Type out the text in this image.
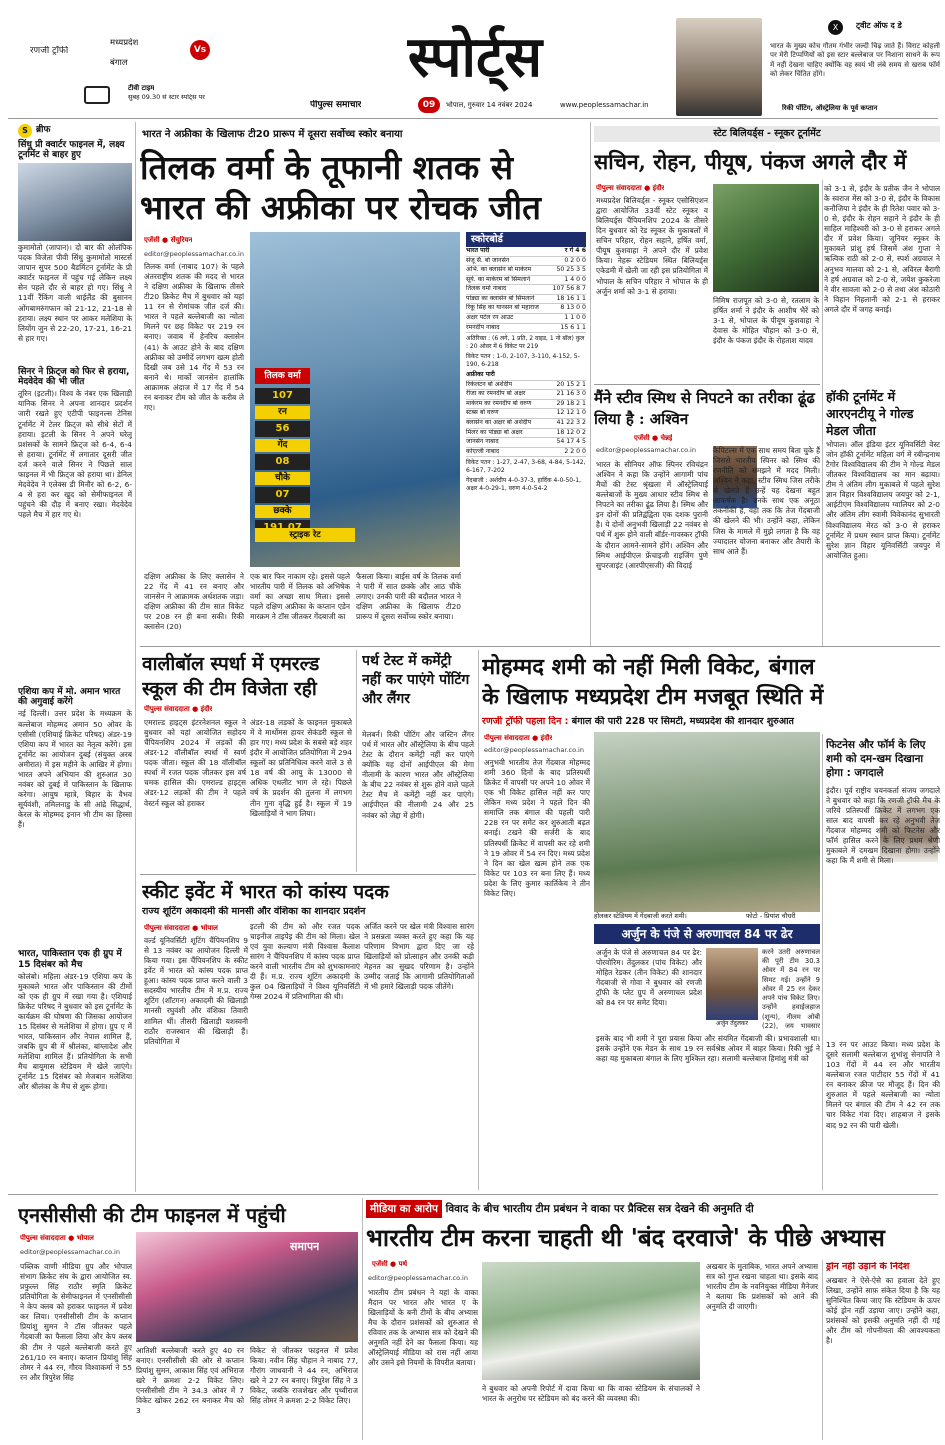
रणजी ट्रॉफी
मध्यप्रदेश
Vs
बंगाल
टीवी टाइम
सुबह 09.30 से स्टार स्पोर्ट्स पर
स्पोर्ट्स
पीपुल्स समाचार	09	भोपाल, गुरुवार 14 नवंबर 2024	www.peoplessamachar.in
X	ट्वीट ऑफ द डे
भारत के मुख्य कोच गौतम गंभीर जल्दी चिढ़ जाते हैं। विराट कोहली पर मेरी टिप्पणियों को इस स्टार बल्लेबाज पर निशाना साधने के रूप में नहीं देखना चाहिए क्योंकि वह स्वयं भी लंबे समय से खराब फॉर्म को लेकर चिंतित होंगे।
रिकी पोंटिंग, ऑस्ट्रेलिया के पूर्व कप्तान
S ब्रीफ
सिंधु प्री क्वार्टर फाइनल में, लक्ष्य टूर्नामेंट से बाहर हुए
कुमामोतो (जापान)। दो बार की ओलंपिक पदक विजेता पीवी सिंधु कुमामोतो मास्टर्स जापान सुपर 500 बैडमिंटन टूर्नामेंट के प्री क्वार्टर फाइनल में पहुंच गई लेकिन लक्ष्य सेन पहले दौर से बाहर हो गए। सिंधु ने 11वीं रैंकिंग वाली थाईलैंड की बुसानन ओंगबामरुंगफान को 21-12, 21-18 से हराया। लक्ष्य स्थान पर आकर मलेशिया के लियोंग जुन से 22-20, 17-21, 16-21 से हार गए।
सिनर ने फ्रिट्ज को फिर से हराया, मेदवेदेव की भी जीत
तूरिन (इटली)। विश्व के नंबर एक खिलाड़ी यानिक सिनर ने अपना शानदार प्रदर्शन जारी रखते हुए एटीपी फाइनल्स टेनिस टूर्नामेंट में टेलर फ्रिट्ज को सीधे सेटों में हराया। इटली के सिनर ने अपने घरेलू प्रशंसकों के सामने फ्रिट्ज को 6-4, 6-4 से हराया। टूर्नामेंट में लगातार दूसरी जीत दर्ज करने वाले सिनर ने पिछले साल फाइनल में भी फ्रिट्ज को हराया था। डेनिल मेदवेदेव ने एलेक्स डी मिनौर को 6-2, 6-4 से हरा कर खुद को सेमीफाइनल में पहुंचने की दौड़ में बनाए रखा। मेदवेदेव पहले मैच में हार गए थे।
एशिया कप में मो. अमान भारत की अगुवाई करेंगे
नई दिल्ली। उत्तर प्रदेश के मध्यक्रम के बल्लेबाज मोहम्मद अमान 50 ओवर के एसीसी (एशियाई क्रिकेट परिषद) अंडर-19 एशिया कप में भारत का नेतृत्व करेंगे। इस टूर्नामेंट का आयोजन दुबई (संयुक्त अरब अमीरात) में इस महीने के आखिर में होगा। भारत अपने अभियान की शुरुआत 30 नवंबर को दुबई में पाकिस्तान के खिलाफ करेगा। आयुष म्हात्रे, बिहार के वैभव सूर्यवंशी, तमिलनाडु के सी आंद्रे सिद्धार्थ, केरल के मोहम्मद इनान भी टीम का हिस्सा हैं।
भारत, पाकिस्तान एक ही ग्रुप में 15 दिसंबर को मैच
कोलंबो। महिला अंडर-19 एशिया कप के मुकाबले भारत और पाकिस्तान की टीमों को एक ही ग्रुप में रखा गया है। एशियाई क्रिकेट परिषद ने बुधवार को इस टूर्नामेंट के कार्यक्रम की घोषणा की जिसका आयोजन 15 दिसंबर से मलेशिया में होगा। ग्रुप ए में भारत, पाकिस्तान और नेपाल शामिल हैं, जबकि ग्रुप बी में श्रीलंका, बांग्लादेश और मलेशिया शामिल हैं। प्रतियोगिता के सभी मैच बायूमास स्टेडियम में खेले जाएंगे। टूर्नामेंट 15 दिसंबर को मेजबान मलेशिया और श्रीलंका के मैच से शुरू होगा।
भारत ने अफ्रीका के खिलाफ टी20 प्रारूप में दूसरा सर्वोच्च स्कोर बनाया
तिलक वर्मा के तूफानी शतक से
भारत की अफ्रीका पर रोचक जीत
एजेंसी ● सेंचुरियन
editor@peoplessamachar.co.in
तिलक वर्मा (नाबाद 107) के पहले अंतरराष्ट्रीय शतक की मदद से भारत ने दक्षिण अफ्रीका के खिलाफ तीसरे टी20 क्रिकेट मैच में बुधवार को यहां 11 रन से रोमांचक जीत दर्ज की। भारत ने पहले बल्लेबाजी का न्योता मिलने पर छह विकेट पर 219 रन बनाए। जवाब में हेनरिच क्लासेन (41) के आउट होने के बाद दक्षिण अफ्रीका को उम्मीदें लगभग खत्म होती दिखी जब उसे 14 गेंद में 53 रन बनाने थे। मार्को जानसेन हालांकि आक्रामक अंदाज में 17 गेंद में 54 रन बनाकर टीम को जीत के करीब ले गए।
तिलक वर्मा
107
रन
56
गेंद
08
चौके
07
छक्के
स्ट्राइक रेट
दक्षिण अफ्रीका के लिए क्लासेन ने 22 गेंद में 41 रन बनाए और जानसेन ने आक्रामक अर्धशतक जड़ा। दक्षिण अफ्रीका की टीम सात विकेट पर 208 रन ही बना सकी। रिकी क्लासेन (20)
एक बार फिर नाकाम रहे। इससे पहले भारतीय पारी में तिलक को अभिषेक वर्मा का अच्छा साथ मिला। इससे पहले दक्षिण अफ्रीका के कप्तान एडेन मारक्रम ने टॉस जीतकर गेंदबाजी का
फैसला किया। बाईस वर्ष के तिलक वर्मा ने पारी में सात छक्के और आठ चौके लगाए। उनकी पारी की बदौलत भारत ने दक्षिण अफ्रीका के खिलाफ टी20 प्रारूप में दूसरा सर्वोच्च स्कोर बनाया।
स्कोरबोर्ड
भारत पारी	र गें 4 6
संजू सै. बो जानसेन	0 2 0 0
अभि. का क्लासेन बो मार्करम	50 25 3 5
सूर्य. का मार्करम बो सिमलाने	1 4 0 0
तिलक वर्मा नाबाद	107 56 8 7
पांड्या का क्लासेन बो सिमलाने	18 16 1 1
रिंकू सिंह का यानसन बो महाराज	8 13 0 0
अक्षर पटेल रन आउट	1 1 0 0
रमनदीप नाबाद	15 6 1 1
अतिरिक्त : (6 लगे, 1 प्रति, 2 वाइड, 1 नो बॉल) कुल : 20 ओवर में 6 विकेट पर 219
विकेट पतन : 1-0, 2-107, 3-110, 4-152, 5-190, 6-218
अफ्रीका पारी
रिकेलटन बो अर्शदीप	20 15 2 1
रीजा का रमनदीप बो अक्षर	21 16 3 0
मार्करम का रमनदीप बो वरुण	29 18 2 1
स्टब्स बो वरुण	12 12 1 0
क्लासेन का अक्षर बो अर्शदीप	41 22 3 2
मिलर का पांड्या बो अक्षर	18 12 0 2
जानसेन नाबाद	54 17 4 5
कोएत्जी नाबाद	2 2 0 0
विकेट पतन : 1-27, 2-47, 3-68, 4-84, 5-142, 6-167, 7-202
गेंदबाजी : अर्शदीप 4-0-37-3, हार्दिक 4-0-50-1, अक्षर 4-0-29-1, वरुण 4-0-54-2
स्टेट बिलियर्ड्स - स्नूकर टूर्नामेंट
सचिन, रोहन, पीयूष, पंकज अगले दौर में
पीपुल्स संवाददाता ● इंदौर
मध्यप्रदेश बिलियर्ड्स - स्नूकर एसोसिएशन द्वारा आयोजित 33वीं स्टेट स्नूकर व बिलियर्ड्स चैंपियनशिप 2024 के तीसरे दिन बुधवार को रेड स्नूकर के मुकाबलों में सचिन परिहार, रोहन सहाने, हर्षित वर्मा, पीयूष कुशवाहा ने अपने दौर में प्रवेश किया। नेहरू स्टेडियम स्थित बिलियर्ड्स एकेडमी में खेली जा रही इस प्रतियोगिता में भोपाल के सचिन परिहार ने भोपाल के ही अर्जुन शर्मा को 3-1 से हराया।
निमिष राजपूत को 3-0 से, रतलाम के हर्षित शर्मा ने इंदौर के आशीष भैरें को 3-1 से, भोपाल के पीयूष कुशवाहा ने देवास के मोहित चौहान को 3-0 से, इंदौर के पंकज इंदौर के रोहताश यादव
को 3-1 से, इंदौर के प्रतीक जैन ने भोपाल के स्वराज मेंस को 3-0 से, इंदौर के विकास कनौजिया ने इंदौर के ही रितेश पवार को 3-0 से, इंदौर के रोहन सहाने ने इंदौर के ही साहिल माहिश्वरी को 3-0 से हराकर अगले दौर में प्रवेश किया। जूनियर स्नूकर के मुकाबले प्रांशु हर्ष जिसमें अंश गुप्ता ने ऋत्विक राठी को 2-0 से, स्पर्श अग्रवाल ने अनुभव मालवा को 2-1 से, अविरल बैरागी ने हर्ष अग्रवाल को 2-0 से, जयेश कुकरेजा ने वीर सावला को 2-0 से तथा अंश कोठारी ने विहान निहलानी को 2-1 से हराकर अगले दौर में जगह बनाई।
मैंने स्टीव स्मिथ से निपटने का तरीका ढूंढ लिया है : अश्विन
एजेंसी ● चेन्नई
editor@peoplessamachar.co.in
भारत के सीनियर ऑफ स्पिनर रविचंद्रन अश्विन ने कहा कि उन्होंने आगामी पांच मैचों की टेस्ट श्रृंखला में ऑस्ट्रेलियाई बल्लेबाजों के मुख्य आधार स्टीव स्मिथ से निपटने का तरीका ढूंढ लिया है। स्मिथ और इन दोनों की प्रतिद्वंद्विता एक दशक पुरानी है। ये दोनों अनुभवी खिलाड़ी 22 नवंबर से पर्थ में शुरू होने वाली बॉर्डर-गावस्कर ट्रॉफी के दौरान आमने-सामने होंगे। अश्विन और स्मिथ आईपीएल फ्रेंचाइजी राइजिंग पुणे सुपरजाइंट (आरपीएसजी) की विदाई
कैपिटल्स में एक साथ समय बिता चुके हैं जिससे भारतीय स्पिनर को स्मिथ की रणनीति को समझने में मदद मिली। अश्विन ने कहा, स्टीव स्मिथ जिस तरीके से खेलते हैं उन्हें यह देखना बहुत आकर्षक है। उनके साथ एक अनूठा तकनीकी है, वहां तक कि तेज गेंदबाजी की खेलने की भी। उन्होंने कहा, लेकिन जिस के मामले में मुझे लगता है कि वह ज्यादातर योजना बनाकर और तैयारी के साथ आते हैं।
हॉकी टूर्नामेंट में आरएनटीयू ने गोल्ड मेडल जीता
भोपाल। ऑल इंडिया इंटर यूनिवर्सिटी वेस्ट जोन हॉकी टूर्नामेंट महिला वर्ग में रबीन्द्रनाथ टैगोर विश्वविद्यालय की टीम ने गोल्ड मेडल जीतकर विश्वविद्यालय का मान बढ़ाया। टीम ने अंतिम लीग मुकाबले में पहले सुरेश ज्ञान विहार विश्वविद्यालय जयपुर को 2-1, आईटीएम विश्वविद्यालय ग्वालियर को 2-0 और अंतिम लीग स्वामी विवेकानंद सुभारती विश्वविद्यालय मेरठ को 3-0 से हराकर टूर्नामेंट में प्रथम स्थान प्राप्त किया। टूर्नामेंट सुरेश ज्ञान विहार यूनिवर्सिटी जयपुर में आयोजित हुआ।
वालीबॉल स्पर्धा में एमरल्ड स्कूल की टीम विजेता रही
पीपुल्स संवाददाता ● इंदौर
एमराल्ड हाइट्स इंटरनेशनल स्कूल ने बुधवार को यहां आयोजित सहोदय चैंपियनशिप 2024 में लड़कों की अंडर-12 वॉलीबॉल स्पर्धा में स्वर्ण पदक जीता। स्कूल की 18 वॉलीबॉल स्पर्धा में रजत पदक जीतकर इस वर्ष चमक हासिल की। एमराल्ड हाइट्स अंडर-12 लड़कों की टीम ने पहले वेस्टर्न स्कूल को हराकर
अंडर-18 लड़कों के फाइनल मुकाबले में वे मार्थोमस हायर सेकंडरी स्कूल से हार गए। मध्य प्रदेश के सबसे बड़े शहर इंदौर में आयोजित प्रतियोगिता में 294 स्कूलों का प्रतिनिधित्व करने वाले 3 से 18 वर्ष की आयु के 13000 से अधिक एथलीट भाग ले रहे। पिछले वर्ष के प्रदर्शन की तुलना में लगभग तीन गुना वृद्धि हुई है। स्कूल में 19 खिलाड़ियों ने भाग लिया।
पर्थ टेस्ट में कमेंट्री नहीं कर पाएंगे पोंटिंग और लैंगर
मेलबर्न। रिकी पोंटिंग और जस्टिन लैंगर पर्थ में भारत और ऑस्ट्रेलिया के बीच पहले टेस्ट के दौरान कमेंट्री नहीं कर पाएंगे क्योंकि यह दोनों आईपीएल की मेगा नीलामी के कारण भारत और ऑस्ट्रेलिया के बीच 22 नवंबर से शुरू होने वाले पहले टेस्ट मैच में कमेंट्री नहीं कर पाएंगे। आईपीएल की नीलामी 24 और 25 नवंबर को जेद्दा में होगी।
मोहम्मद शमी को नहीं मिली विकेट, बंगाल
के खिलाफ मध्यप्रदेश टीम मजबूत स्थिति में
रणजी ट्रॉफी पहला दिन : बंगाल की पारी 228 पर सिमटी, मध्यप्रदेश की शानदार शुरुआत
पीपुल्स संवाददाता ● इंदौर
editor@peoplessamachar.co.in
अनुभवी भारतीय तेज गेंदबाज मोहम्मद शमी 360 दिनों के बाद प्रतिस्पर्धी क्रिकेट में वापसी पर अपने 10 ओवर में एक भी विकेट हासिल नहीं कर पाए लेकिन मध्य प्रदेश ने पहले दिन की समाप्ति तक बंगाल की पहली पारी 228 रन पर समेट कर शुरुआती बढ़त बनाई। टखने की सर्जरी के बाद प्रतिस्पर्धी क्रिकेट में वापसी कर रहे शमी ने 19 ओवर में 54 रन दिए। मध्य प्रदेश ने दिन का खेल खत्म होने तक एक विकेट पर 103 रन बना लिए हैं। मध्य प्रदेश के लिए कुमार कार्तिकेय ने तीन विकेट लिए।
होलकर स्टेडियम में गेंदबाजी करते शमी।	फोटो - प्रियांश चौधरी
अर्जुन के पंजे से अरुणाचल 84 पर ढेर
अर्जुन के पंजे से अरुणाचल 84 पर ढेर: पोरवोरिम। तेंदुलकर (पांच विकेट) और मोहित रेडकर (तीन विकेट) की शानदार गेंदबाजी से गोवा ने बुधवार को रणजी ट्रॉफी के प्लेट ग्रुप में अरुणाचल प्रदेश को 84 रन पर समेट दिया।
अर्जुन तेंदुलकर
करने उतरी अरुणाचल की पूरी टीम 30.3 ओवर में 84 रन पर सिमट गई। उन्होंने 9 ओवर में 25 रन देकर अपने पांच विकेट लिए। उन्होंने हवाईजहाज (शून्य), नीलम ओबी (22), जय भावसार
इसके बाद भी शमी ने पूरा प्रयास किया और संयमित गेंदबाजी की। प्रभावशाली था। इसके उन्होंने एक मेडन के साथ 19 रन सर्वश्रेष्ठ ओवर में बाहर किया। रिकी भुई ने कहा यह मुकाबला बंगाल के लिए मुश्किल रहा। सलामी बल्लेबाज हिमांशु मंत्री को
फिटनेस और फॉर्म के लिए शमी को दम-खम दिखाना होगा : जगदाले
इंदौर। पूर्व राष्ट्रीय चयनकर्ता संजय जगदाले ने बुधवार को कहा कि रणजी ट्रॉफी मैच के जरिये प्रतिस्पर्धी क्रिकेट में लगभग एक साल बाद वापसी कर रहे अनुभवी तेज गेंदबाज मोहम्मद शमी को फिटनेस और फॉर्म हासिल करने के लिए प्रथम श्रेणी मुकाबले में दमखम दिखाना होगा। उन्होंने कहा कि मैं शमी से मिला।
13 रन पर आउट किया। मध्य प्रदेश के दूसरे सलामी बल्लेबाज शुभांशु सेनापति ने 103 गेंदों में 44 रन और भारतीय बल्लेबाज रजत पाटीदार 55 गेंदों में 41 रन बनाकर क्रीज पर मौजूद हैं। दिन की शुरुआत में पहले बल्लेबाजी का न्योता मिलने पर बंगाल की टीम ने 42 रन तक चार विकेट गंवा दिए। शाहबाज ने इसके बाद 92 रन की पारी खेली।
स्कीट इवेंट में भारत को कांस्य पदक
राज्य शूटिंग अकादमी की मानसी और वंशिका का शानदार प्रदर्शन
पीपुल्स संवाददाता ● भोपाल
वर्ल्ड यूनिवर्सिटी शूटिंग चैंपियनशिप 9 से 13 नवंबर का आयोजन दिल्ली में किया गया। इस चैंपियनशिप के स्कीट इवेंट में भारत को कांस्य पदक प्राप्त हुआ। कांस्य पदक प्राप्त करने वाली 3 सदस्यीय भारतीय टीम में म.प्र. राज्य शूटिंग (शॉटगन) अकादमी की खिलाड़ी मानसी रघुवंशी और वंशिका तिवारी शामिल थीं। तीसरी खिलाड़ी यशस्वनी राठौर राजस्थान की खिलाड़ी हैं। प्रतियोगिता में
इटली की टीम को और रजत पदक चाइनीज ताइपेइ की टीम को मिला। खेल एवं युवा कल्याण मंत्री विश्वास कैलाश सारंग ने चैंपियनशिप में कांस्य पदक प्राप्त करने वाली भारतीय टीम को शुभकामनाएं दी हैं। म.प्र. राज्य शूटिंग अकादमी के कुल 04 खिलाड़ियों ने विश्व यूनिवर्सिटी गेम्स 2024 में प्रतिभागिता की थी।
अर्जित करने पर खेल मंत्री विश्वास सारंग ने प्रसन्नता व्यक्त करते हुए कहा कि यह परिणाम विभाग द्वारा दिए जा रहे खिलाड़ियों को प्रोत्साहन और उनकी कड़ी मेहनत का सुखद परिणाम है। उन्होंने उम्मीद जताई कि आगामी प्रतियोगिताओं में भी हमारे खिलाड़ी पदक जीतेंगे।
एनसीसीसी की टीम फाइनल में पहुंची
पीपुल्स संवाददाता ● भोपाल
editor@peoplessamachar.co.in
पब्लिक वाणी मीडिया ग्रुप और भोपाल संभाग क्रिकेट संघ के द्वारा आयोजित स्व. प्रफुल्ल सिंह राठौर स्मृति क्रिकेट प्रतियोगिता के सेमीफाइनल में एनसीसीसी ने केप क्लब को हराकर फाइनल में प्रवेश कर लिया। एनसीसीसी टीम के कप्तान प्रियांशु सुमन ने टॉस जीतकर पहले गेंदबाजी का फैसला लिया और केप क्लब की टीम ने पहले बल्लेबाजी करते हुए 261/10 रन बनाए। कप्तान प्रियांशु सिंह तोमर ने 44 रन, गौरव विश्वाकर्मा ने 55 रन और त्रिपुरेश सिंह
समापन
आतिशी बल्लेबाजी करते हुए 40 रन बनाए। एनसीसीसी की ओर से कप्तान प्रियांशु सुमन, आकाश सिंह एवं अभिराज खरे ने क्रमशः 2-2 विकेट लिए। एनसीसीसी टीम ने 34.3 ओवर में 7 विकेट खोकर 262 रन बनाकर मैच को 3
विकेट से जीतकर फाइनल में प्रवेश किया। नवीन सिंह चौहान ने नाबाद 77, गौरांग जाधवानी ने 44 रन, अभिराज खरे ने 27 रन बनाए। त्रिपुरेश सिंह ने 3 विकेट, जबकि राजशेखर और पृथ्वीराज सिंह तोमर ने क्रमशः 2-2 विकेट लिए।
मीडिया का आरोप विवाद के बीच भारतीय टीम प्रबंधन ने वाका पर प्रैक्टिस सत्र देखने की अनुमति दी
भारतीय टीम करना चाहती थी 'बंद दरवाजे' के पीछे अभ्यास
एजेंसी ● पर्थ
editor@peoplessamachar.co.in
भारतीय टीम प्रबंधन ने यहां के वाका मैदान पर भारत और भारत ए के खिलाड़ियों के बनी टीमों के बीच अभ्यास मैच के दौरान प्रशंसकों को शुरुआत से रविवार तक के अभ्यास सत्र को देखने की अनुमति नहीं देने का फैसला किया। यह ऑस्ट्रेलियाई मीडिया को रास नहीं आया और उसने इसे नियमों के विपरीत बताया।
ने बुधवार को अपनी रिपोर्ट में दावा किया था कि वाका स्टेडियम के संचालकों ने भारत के अनुरोध पर स्टेडियम को बंद करने की व्यवस्था की।
अखबार के मुताबिक, भारत अपने अभ्यास सत्र को गुप्त रखना चाहता था। इसके बाद भारतीय टीम के नवनियुक्त मीडिया मैनेजर ने बताया कि प्रशंसकों को आने की अनुमति दी जाएगी।
ड्रोन नहीं उड़ाने के निर्देश
अखबार ने ऐसे-ऐसे का हवाला देते हुए लिखा, उन्होंने साफ़ संकेत दिया है कि यह सुनिश्चित किया जाए कि स्टेडियम के ऊपर कोई ड्रोन नहीं उड़ाया जाए। उन्होंने कहा, प्रशंसकों को इसकी अनुमति नहीं दी गई और टीम को गोपनीयता की आवश्यकता है।
